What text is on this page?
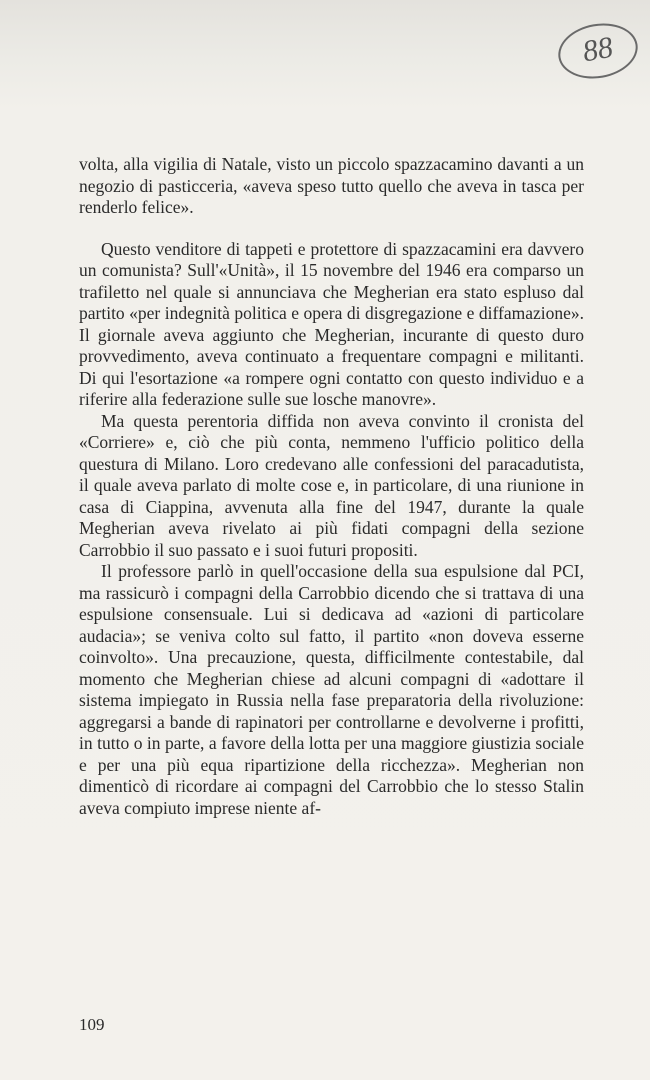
88

volta, alla vigilia di Natale, visto un piccolo spazzacamino davanti a un negozio di pasticceria, «aveva speso tutto quello che aveva in tasca per renderlo felice».

Questo venditore di tappeti e protettore di spazzacamini era davvero un comunista? Sull'«Unità», il 15 novembre del 1946 era comparso un trafiletto nel quale si annunciava che Megherian era stato espluso dal partito «per indegnità politica e opera di disgregazione e diffamazione». Il giornale aveva aggiunto che Megherian, incurante di questo duro provvedimento, aveva continuato a frequentare compagni e militanti. Di qui l'esortazione «a rompere ogni contatto con questo individuo e a riferire alla federazione sulle sue losche manovre».

Ma questa perentoria diffida non aveva convinto il cronista del «Corriere» e, ciò che più conta, nemmeno l'ufficio politico della questura di Milano. Loro credevano alle confessioni del paracadutista, il quale aveva parlato di molte cose e, in particolare, di una riunione in casa di Ciappina, avvenuta alla fine del 1947, durante la quale Megherian aveva rivelato ai più fidati compagni della sezione Carrobbio il suo passato e i suoi futuri propositi.

Il professore parlò in quell'occasione della sua espulsione dal PCI, ma rassicurò i compagni della Carrobbio dicendo che si trattava di una espulsione consensuale. Lui si dedicava ad «azioni di particolare audacia»; se veniva colto sul fatto, il partito «non doveva esserne coinvolto». Una precauzione, questa, difficilmente contestabile, dal momento che Megherian chiese ad alcuni compagni di «adottare il sistema impiegato in Russia nella fase preparatoria della rivoluzione: aggregarsi a bande di rapinatori per controllarne e devolverne i profitti, in tutto o in parte, a favore della lotta per una maggiore giustizia sociale e per una più equa ripartizione della ricchezza». Megherian non dimenticò di ricordare ai compagni del Carrobbio che lo stesso Stalin aveva compiuto imprese niente af-

109
